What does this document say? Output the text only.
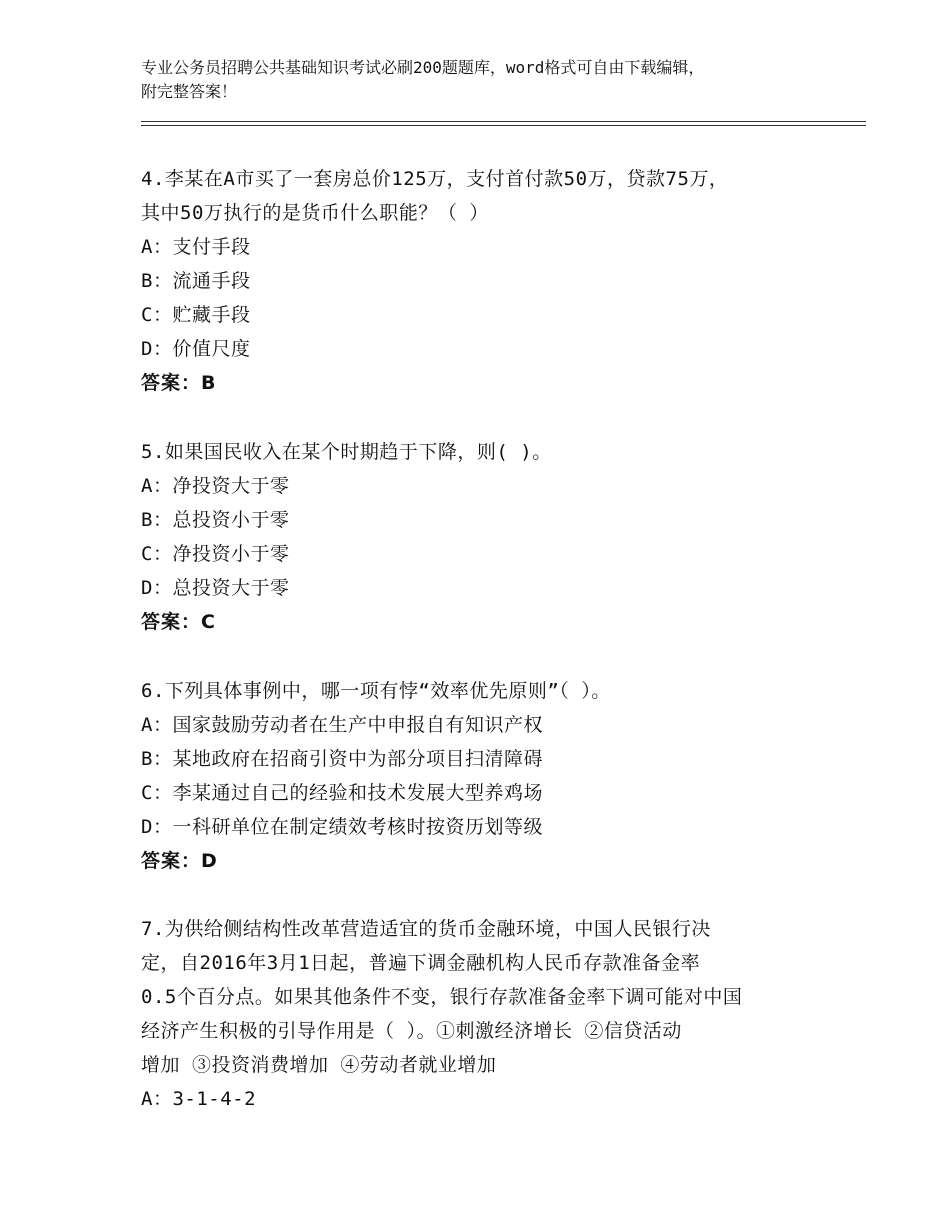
专业公务员招聘公共基础知识考试必刷200题题库，word格式可自由下载编辑，
附完整答案！
4.李某在A市买了一套房总价125万，支付首付款50万，贷款75万，
其中50万执行的是货币什么职能？（ ）
A：支付手段
B：流通手段
C：贮藏手段
D：价值尺度
答案：B
5.如果国民收入在某个时期趋于下降，则( )。
A：净投资大于零
B：总投资小于零
C：净投资小于零
D：总投资大于零
答案：C
6.下列具体事例中，哪一项有悖“效率优先原则”（ ）。
A：国家鼓励劳动者在生产中申报自有知识产权
B：某地政府在招商引资中为部分项目扫清障碍
C：李某通过自己的经验和技术发展大型养鸡场
D：一科研单位在制定绩效考核时按资历划等级
答案：D
7.为供给侧结构性改革营造适宜的货币金融环境，中国人民银行决
定，自2016年3月1日起，普遍下调金融机构人民币存款准备金率
0.5个百分点。如果其他条件不变，银行存款准备金率下调可能对中国
经济产生积极的引导作用是（ ）。①刺激经济增长 ②信贷活动
增加 ③投资消费增加 ④劳动者就业增加
A：3-1-4-2
